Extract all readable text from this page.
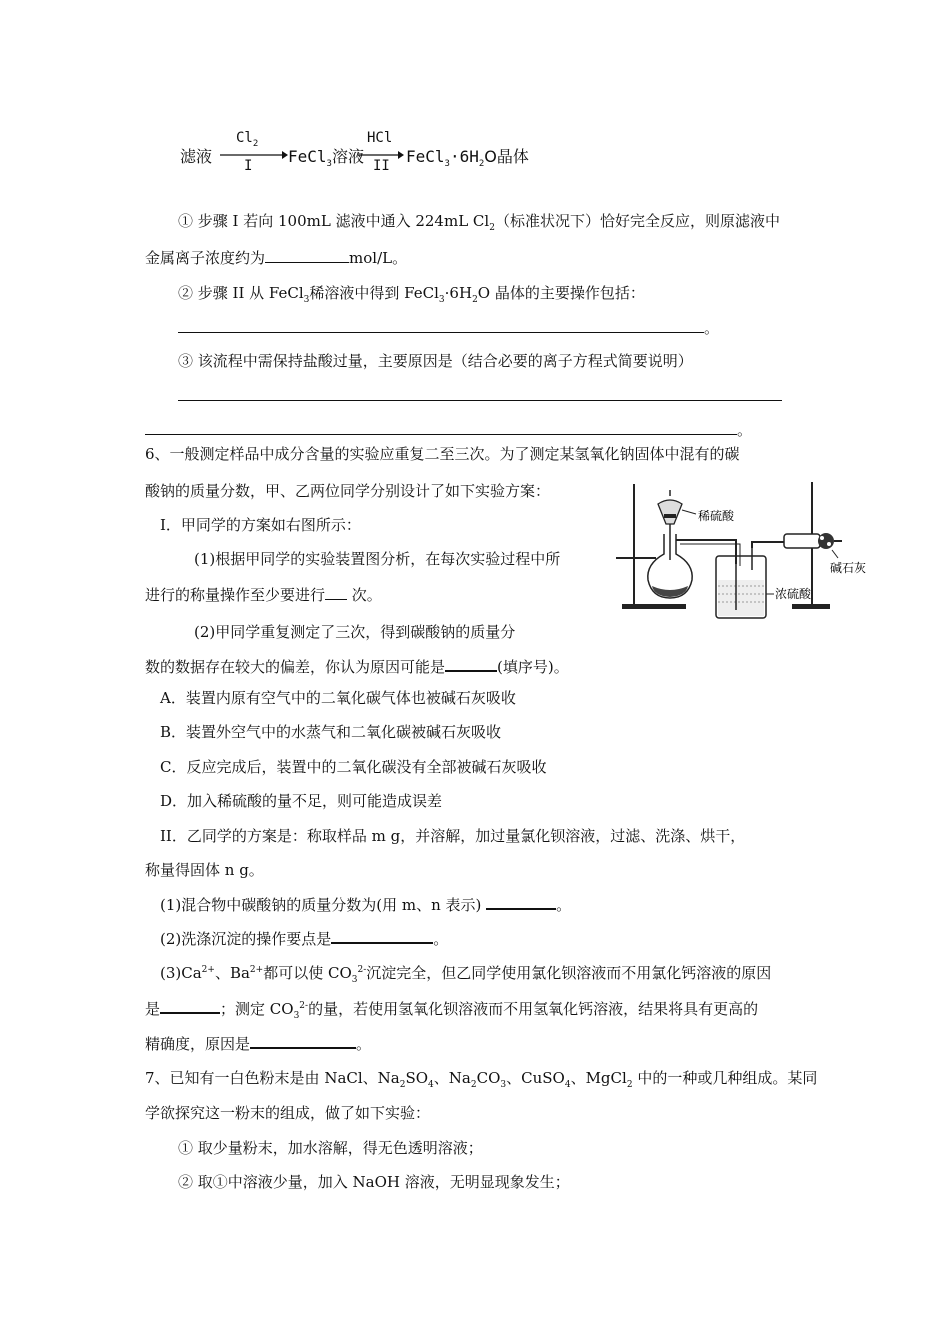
滤液
$Cl_2$
I FeCl$_3$溶液
HCl
II $FeCl_3\cdot 6H_2O$晶体
① 步骤 I 若向 100mL 滤液中通入 224mL $Cl_2$（标准状况下）恰好完全反应，则原滤液中
金属离子浓度约为	mol/L。
② 步骤 II 从 FeCl$_3$稀溶液中得到 $FeCl_3\cdot 6H_2O$ 晶体的主要操作包括：
。
③ 该流程中需保持盐酸过量，主要原因是（结合必要的离子方程式简要说明）
。
6、一般测定样品中成分含量的实验应重复二至三次。为了测定某氢氧化钠固体中混有的碳
酸钠的质量分数，甲、乙两位同学分别设计了如下实验方案：
I．甲同学的方案如右图所示：
(1)根据甲同学的实验装置图分析，在每次实验过程中所
进行的称量操作至少要进行 次。
(2)甲同学重复测定了三次，得到碳酸钠的质量分
数的数据存在较大的偏差，你认为原因可能是	(填序号)。
A．装置内原有空气中的二氧化碳气体也被碱石灰吸收
B．装置外空气中的水蒸气和二氧化碳被碱石灰吸收
C．反应完成后，装置中的二氧化碳没有全部被碱石灰吸收
D．加入稀硫酸的量不足，则可能造成误差
II．乙同学的方案是：称取样品 m g，并溶解，加过量氯化钡溶液，过滤、洗涤、烘干，
称量得固体 n g。
(1)混合物中碳酸钠的质量分数为(用 m、n 表示)	。
(2)洗涤沉淀的操作要点是	。
$(3)Ca^{2+}$、$Ba^{2+}$都可以使 $CO_3^{2-}$沉淀完全，但乙同学使用氯化钡溶液而不用氯化钙溶液的原因
是	；测定 $CO_3^{2-}$的量，若使用氢氧化钡溶液而不用氢氧化钙溶液，结果将具有更高的
精确度，原因是	。
稀硫酸
浓硫酸
碱石灰
7、已知有一白色粉末是由 NaCl、$Na_2SO_4$、$Na_2CO_3$、CuSO$_4$、MgCl$_2$ 中的一种或几种组成。某同
学欲探究这一粉末的组成，做了如下实验：
① 取少量粉末，加水溶解，得无色透明溶液；
② 取①中溶液少量，加入 NaOH 溶液，无明显现象发生；
